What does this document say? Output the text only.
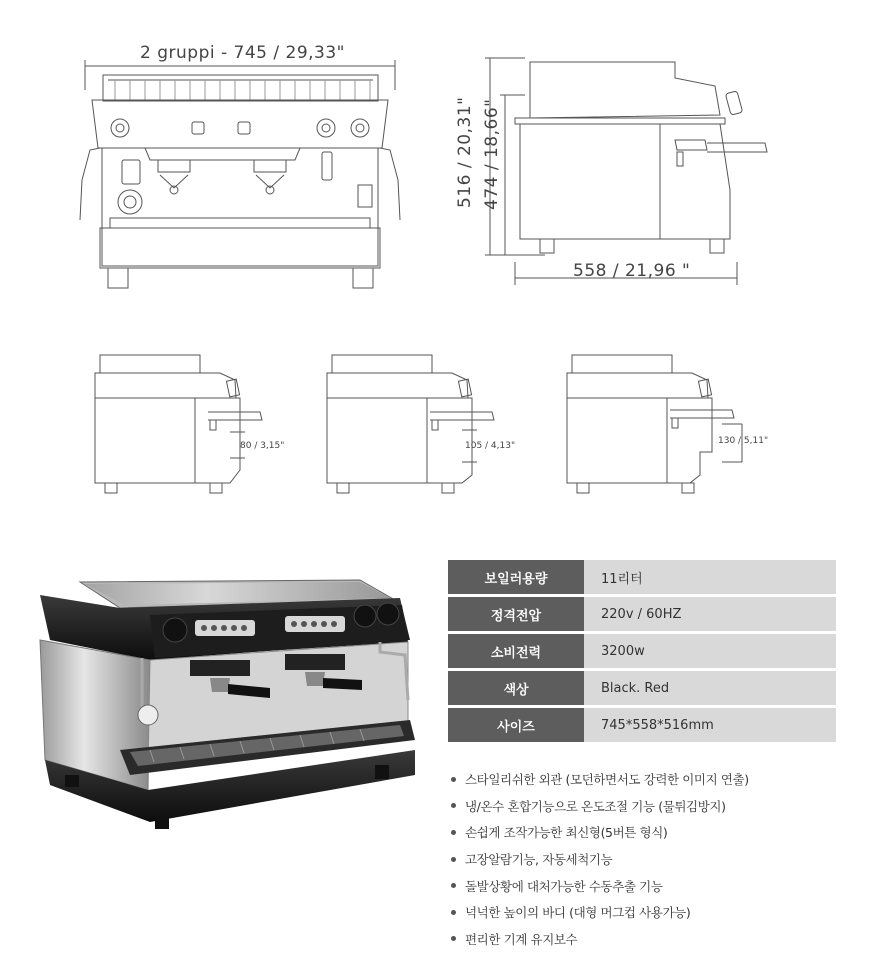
2 gruppi - 745 / 29,33"
516 / 20,31" 474 / 18,66"
558 / 21,96 "
80 / 3,15"	105 / 4,13"	130 / 5,11"
보일러용량	11리터
정격전압	220v / 60HZ
소비전력	3200w
색상	Black. Red
사이즈	745*558*516mm
스타일리쉬한 외관 (모던하면서도 강력한 이미지 연출)
냉/온수 혼합기능으로 온도조절 기능 (물튀김방지)
손쉽게 조작가능한 최신형(5버튼 형식)
고장알람기능, 자동세척기능
돌발상황에 대처가능한 수동추출 기능
넉넉한 높이의 바디 (대형 머그컵 사용가능)
편리한 기계 유지보수
